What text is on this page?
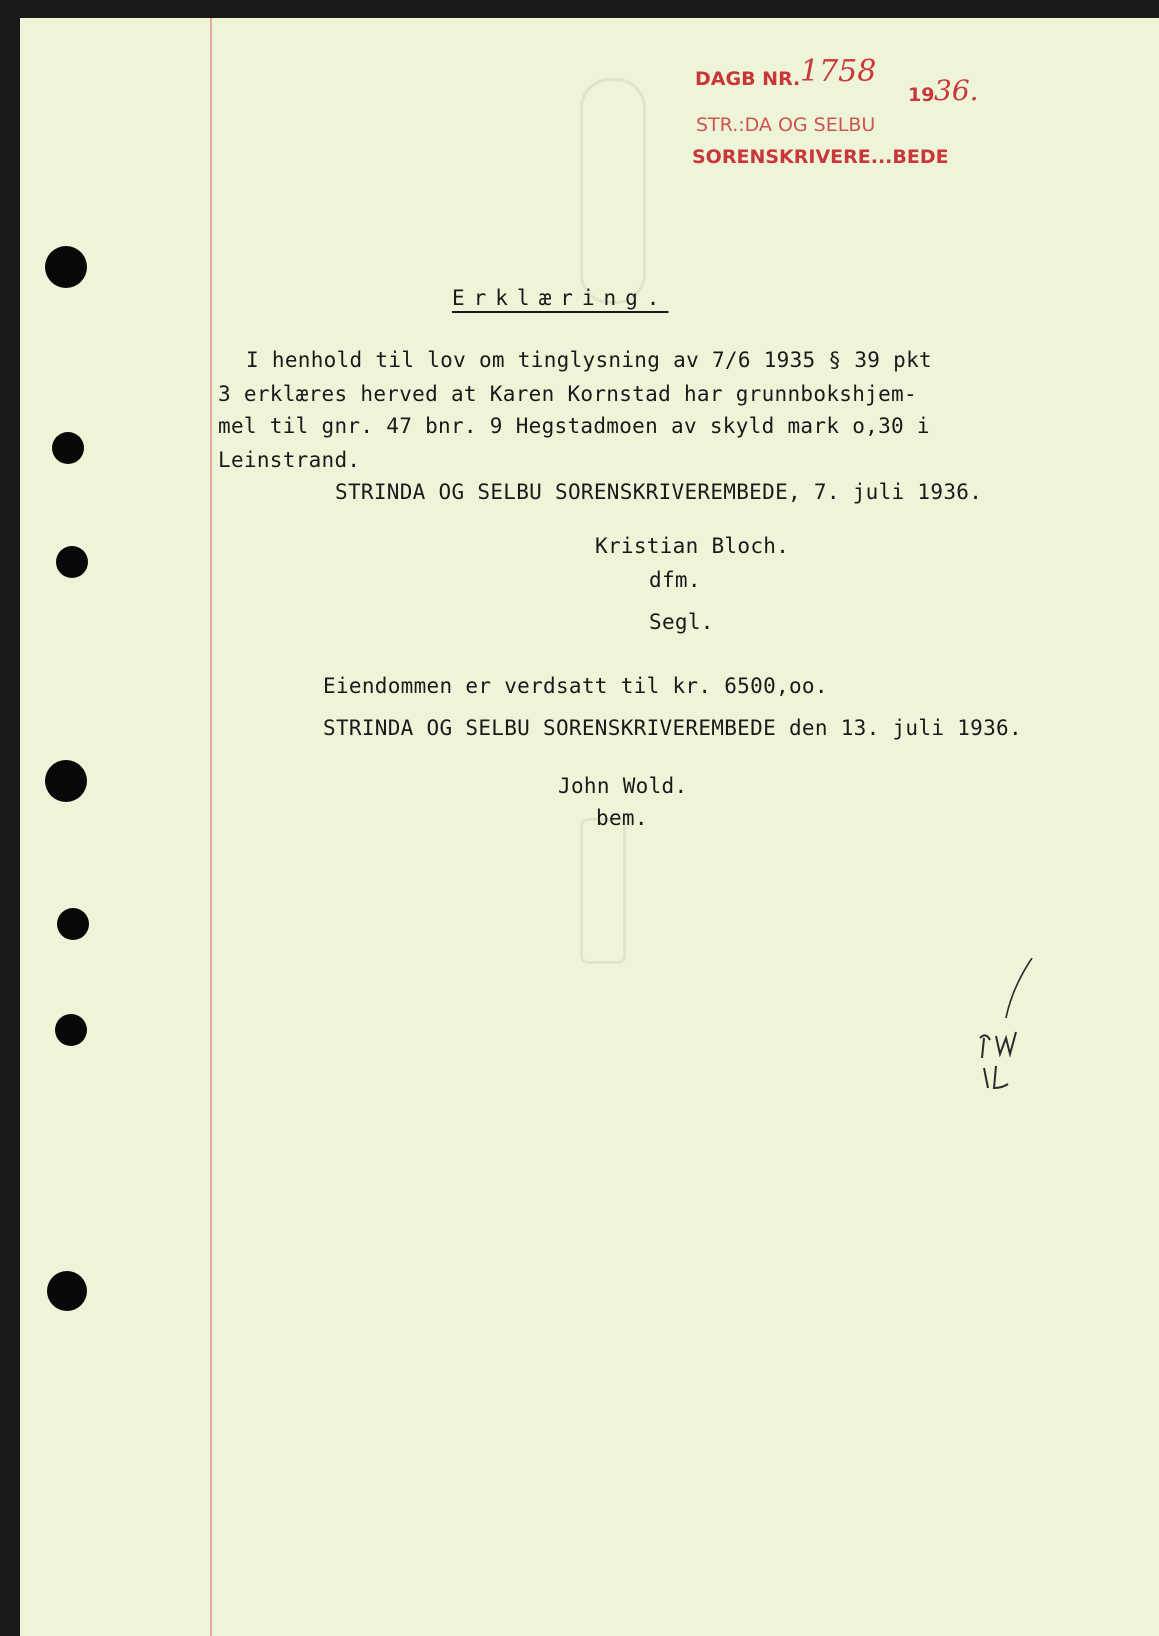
DAGB NR. 1758
19 36.
STR.:DA OG SELBU
SORENSKRIVERE...BEDE
Erklæring.
I henhold til lov om tinglysning av 7/6 1935 § 39 pkt
3 erklæres herved at Karen Kornstad har grunnbokshjem-
mel til gnr. 47 bnr. 9 Hegstadmoen av skyld mark o,30 i
Leinstrand.
STRINDA OG SELBU SORENSKRIVEREMBEDE, 7. juli 1936.
Kristian Bloch.
dfm.
Segl.
Eiendommen er verdsatt til kr. 6500,oo.
STRINDA OG SELBU SORENSKRIVEREMBEDE den 13. juli 1936.
John Wold.
bem.
